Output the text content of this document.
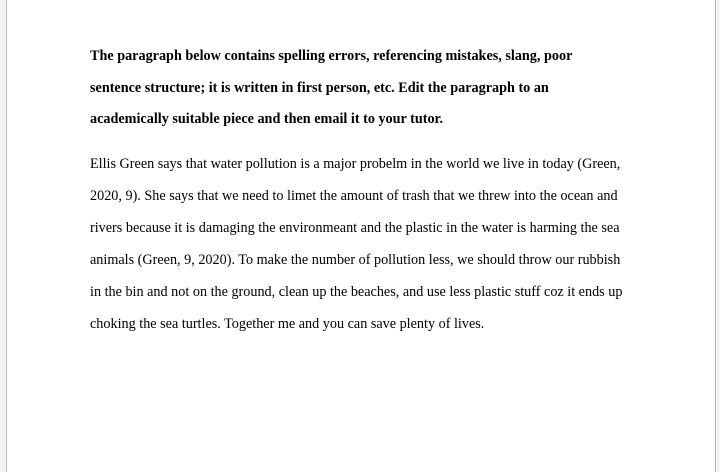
The paragraph below contains spelling errors, referencing mistakes, slang, poor
sentence structure; it is written in first person, etc. Edit the paragraph to an
academically suitable piece and then email it to your tutor.

Ellis Green says that water pollution is a major probelm in the world we live in today (Green,
2020, 9). She says that we need to limet the amount of trash that we threw into the ocean and
rivers because it is damaging the environmeant and the plastic in the water is harming the sea
animals (Green, 9, 2020). To make the number of pollution less, we should throw our rubbish
in the bin and not on the ground, clean up the beaches, and use less plastic stuff coz it ends up
choking the sea turtles. Together me and you can save plenty of lives.
